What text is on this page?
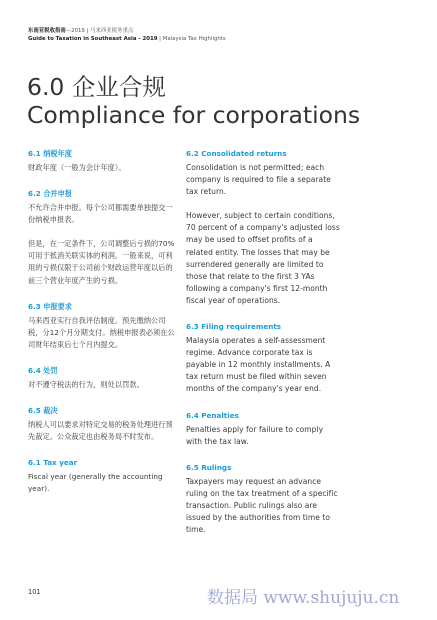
东南亚税收指南—2019 | 马来西亚税务重点
Guide to Taxation in Southeast Asia - 2019 | Malaysia Tax Highlights
6.0 企业合规
Compliance for corporations
6.1 纳税年度
财政年度（一般为会计年度）。
6.2 合并申报
不允许合并申报。每个公司都需要单独提交一份纳税申报表。
但是，在一定条件下，公司调整后亏损的70%可用于抵消关联实体的利润。一般来说，可利用的亏损仅限于公司前个财政运营年度以后的前三个营业年度产生的亏损。
6.3 申报要求
马来西亚实行自我评估制度。预先缴纳公司税，分12个月分期支付。纳税申报表必须在公司财年结束后七个月内提交。
6.4 处罚
对不遵守税法的行为，则处以罚款。
6.5 裁决
纳税人可以要求对特定交易的税务处理进行预先裁定。公众裁定也由税务局不时发布。
6.1 Tax year
Fiscal year (generally the accounting year).
6.2 Consolidated returns
Consolidation is not permitted; each company is required to file a separate tax return.
However, subject to certain conditions, 70 percent of a company's adjusted loss may be used to offset profits of a related entity. The losses that may be surrendered generally are limited to those that relate to the first 3 YAs following a company's first 12-month fiscal year of operations.
6.3 Filing requirements
Malaysia operates a self-assessment regime. Advance corporate tax is payable in 12 monthly installments. A tax return must be filed within seven months of the company's year end.
6.4 Penalties
Penalties apply for failure to comply with the tax law.
6.5 Rulings
Taxpayers may request an advance ruling on the tax treatment of a specific transaction. Public rulings also are issued by the authorities from time to time.
101	数据局 www.shujuju.cn
